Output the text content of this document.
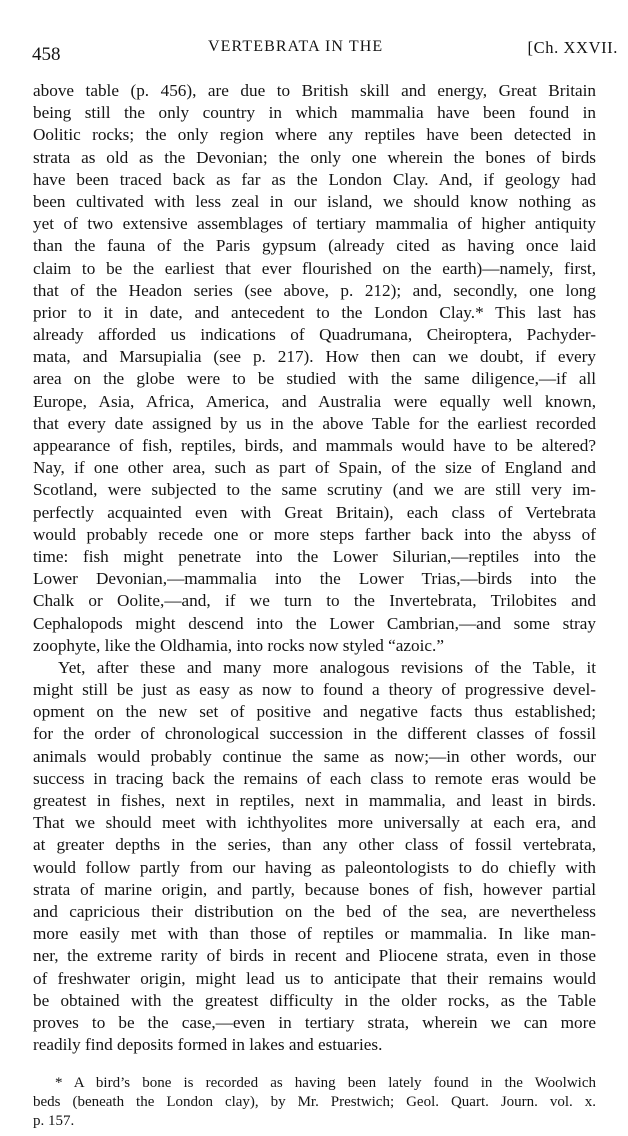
458	VERTEBRATA IN THE	[Ch. XXVII.
above table (p. 456), are due to British skill and energy, Great Britain
being still the only country in which mammalia have been found in
Oolitic rocks; the only region where any reptiles have been detected in
strata as old as the Devonian; the only one wherein the bones of birds
have been traced back as far as the London Clay. And, if geology had
been cultivated with less zeal in our island, we should know nothing as
yet of two extensive assemblages of tertiary mammalia of higher antiquity
than the fauna of the Paris gypsum (already cited as having once laid
claim to be the earliest that ever flourished on the earth)—namely, first,
that of the Headon series (see above, p. 212); and, secondly, one long
prior to it in date, and antecedent to the London Clay.* This last has
already afforded us indications of Quadrumana, Cheiroptera, Pachyder-
mata, and Marsupialia (see p. 217). How then can we doubt, if every
area on the globe were to be studied with the same diligence,—if all
Europe, Asia, Africa, America, and Australia were equally well known,
that every date assigned by us in the above Table for the earliest recorded
appearance of fish, reptiles, birds, and mammals would have to be altered?
Nay, if one other area, such as part of Spain, of the size of England and
Scotland, were subjected to the same scrutiny (and we are still very im-
perfectly acquainted even with Great Britain), each class of Vertebrata
would probably recede one or more steps farther back into the abyss of
time: fish might penetrate into the Lower Silurian,—reptiles into the
Lower Devonian,—mammalia into the Lower Trias,—birds into the
Chalk or Oolite,—and, if we turn to the Invertebrata, Trilobites and
Cephalopods might descend into the Lower Cambrian,—and some stray
zoophyte, like the Oldhamia, into rocks now styled “azoic.”
Yet, after these and many more analogous revisions of the Table, it
might still be just as easy as now to found a theory of progressive devel-
opment on the new set of positive and negative facts thus established;
for the order of chronological succession in the different classes of fossil
animals would probably continue the same as now;—in other words, our
success in tracing back the remains of each class to remote eras would be
greatest in fishes, next in reptiles, next in mammalia, and least in birds.
That we should meet with ichthyolites more universally at each era, and
at greater depths in the series, than any other class of fossil vertebrata,
would follow partly from our having as paleontologists to do chiefly with
strata of marine origin, and partly, because bones of fish, however partial
and capricious their distribution on the bed of the sea, are nevertheless
more easily met with than those of reptiles or mammalia. In like man-
ner, the extreme rarity of birds in recent and Pliocene strata, even in those
of freshwater origin, might lead us to anticipate that their remains would
be obtained with the greatest difficulty in the older rocks, as the Table
proves to be the case,—even in tertiary strata, wherein we can more
readily find deposits formed in lakes and estuaries.
* A bird’s bone is recorded as having been lately found in the Woolwich
beds (beneath the London clay), by Mr. Prestwich; Geol. Quart. Journ. vol. x.
p. 157.
